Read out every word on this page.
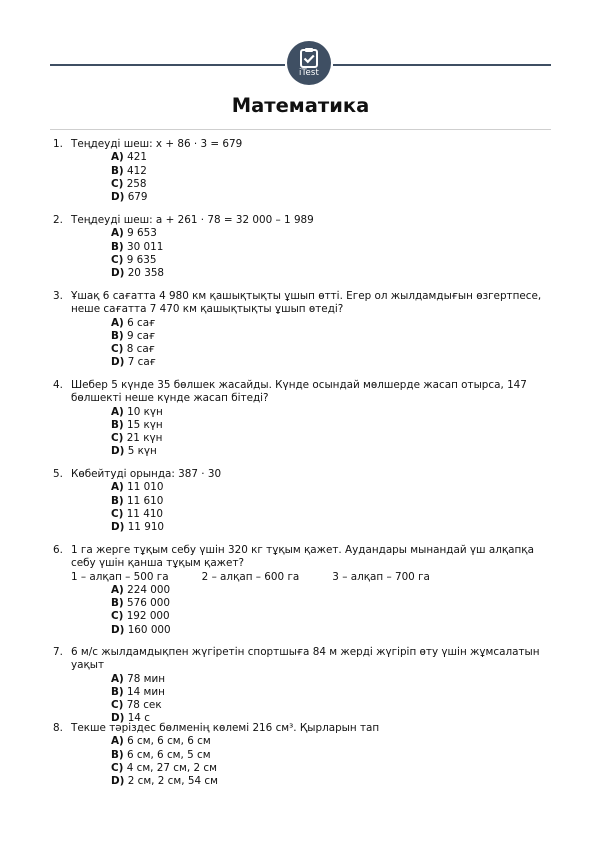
iTest
Математика
1. Теңдеуді шеш: x + 86 · 3 = 679
A) 421
B) 412
C) 258
D) 679
2. Теңдеуді шеш: a + 261 · 78 = 32 000 – 1 989
A) 9 653
B) 30 011
C) 9 635
D) 20 358
3. Ұшақ 6 сағатта 4 980 км қашықтықты ұшып өтті. Егер ол жылдамдығын өзгертпесе, неше сағатта 7 470 км қашықтықты ұшып өтеді?
A) 6 сағ
B) 9 сағ
C) 8 сағ
D) 7 сағ
4. Шебер 5 күнде 35 бөлшек жасайды. Күнде осындай мөлшерде жасап отырса, 147 бөлшекті неше күнде жасап бітеді?
A) 10 күн
B) 15 күн
C) 21 күн
D) 5 күн
5. Көбейтуді орында: 387 · 30
A) 11 010
B) 11 610
C) 11 410
D) 11 910
6. 1 га жерге тұқым себу үшін 320 кг тұқым қажет. Аудандары мынандай үш алқапқа себу үшін қанша тұқым қажет?
1 – алқап – 500 га          2 – алқап – 600 га          3 – алқап – 700 га
A) 224 000
B) 576 000
C) 192 000
D) 160 000
7. 6 м/с жылдамдықпен жүгіретін спортшыға 84 м жерді жүгіріп өту үшін жұмсалатын уақыт
A) 78 мин
B) 14 мин
C) 78 сек
D) 14 с
8. Текше тәріздес бөлменің көлемі 216 см³. Қырларын тап
A) 6 см, 6 см, 6 см
B) 6 см, 6 см, 5 см
C) 4 см, 27 см, 2 см
D) 2 см, 2 см, 54 см
